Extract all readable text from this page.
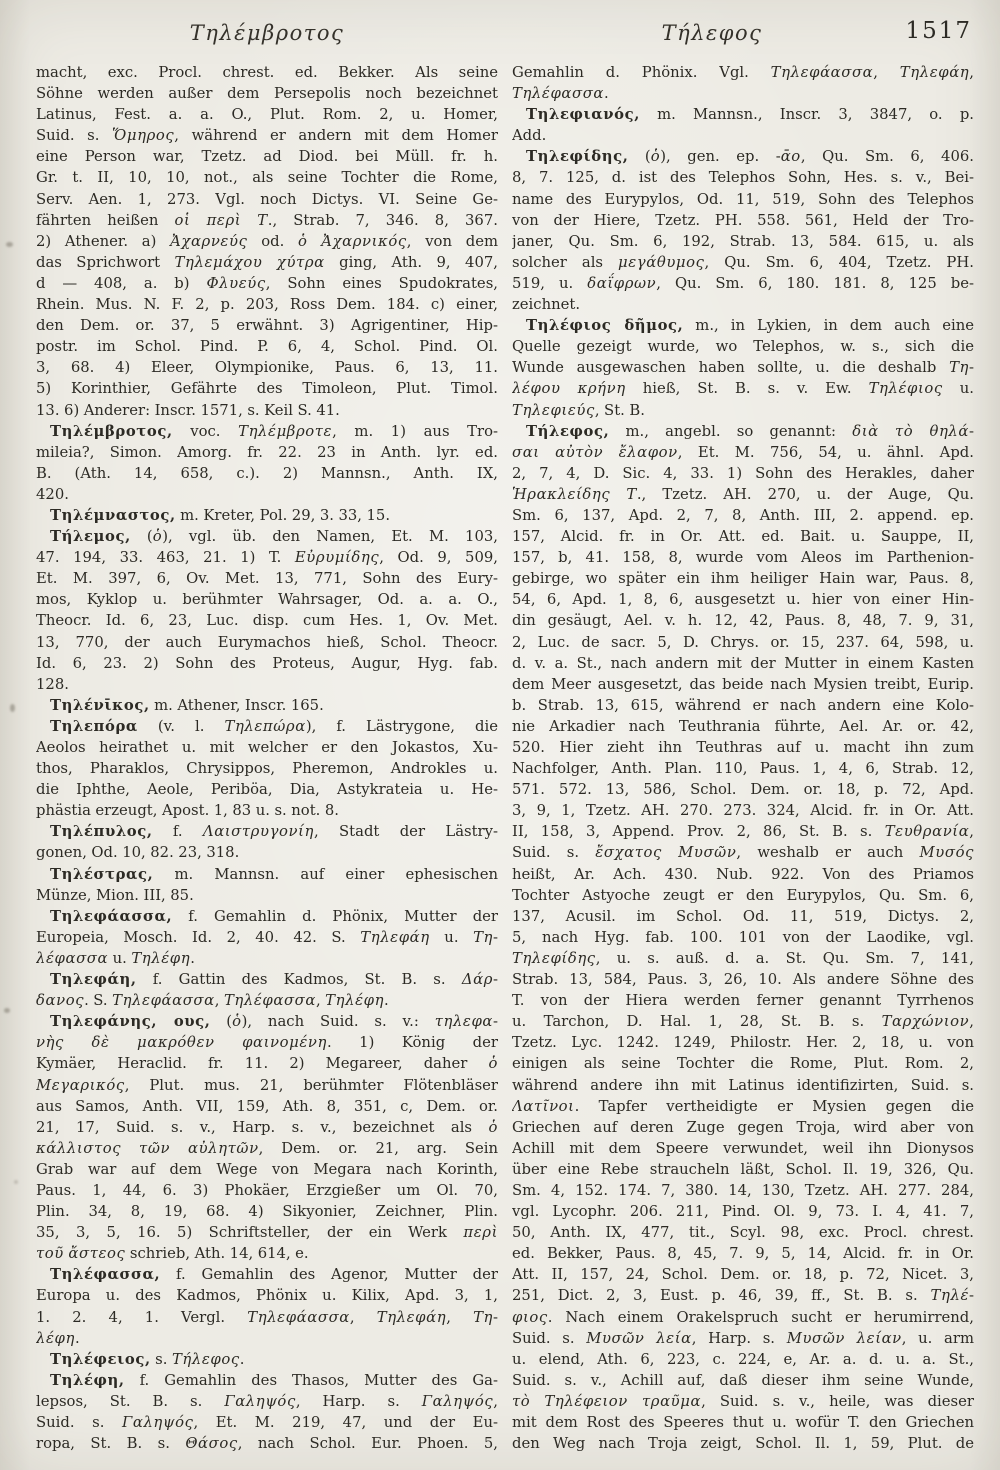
Τηλέμβροτος	Τήλεφος	1517
macht, exc. Procl. chrest. ed. Bekker. Als seine
Söhne werden außer dem Persepolis noch bezeichnet
Latinus, Fest. a. a. O., Plut. Rom. 2, u. Homer,
Suid. s. Ὅμηρος, während er andern mit dem Homer
eine Person war, Tzetz. ad Diod. bei Müll. fr. h.
Gr. t. II, 10, 10, not., als seine Tochter die Rome,
Serv. Aen. 1, 273. Vgl. noch Dictys. VI. Seine Ge-
fährten heißen οἱ περὶ Τ., Strab. 7, 346. 8, 367.
2) Athener. a) Ἀχαρνεύς od. ὁ Ἀχαρνικός, von dem
das Sprichwort Τηλεμάχου χύτρα ging, Ath. 9, 407,
d — 408, a. b) Φλυεύς, Sohn eines Spudokrates,
Rhein. Mus. N. F. 2, p. 203, Ross Dem. 184. c) einer,
den Dem. or. 37, 5 erwähnt. 3) Agrigentiner, Hip-
postr. im Schol. Pind. P. 6, 4, Schol. Pind. Ol.
3, 68. 4) Eleer, Olympionike, Paus. 6, 13, 11.
5) Korinthier, Gefährte des Timoleon, Plut. Timol.
13. 6) Anderer: Inscr. 1571, s. Keil S. 41.
Τηλέμβροτος, voc. Τηλέμβροτε, m. 1) aus Tro-
mileia?, Simon. Amorg. fr. 22. 23 in Anth. lyr. ed.
B. (Ath. 14, 658, c.). 2) Mannsn., Anth. IX,
420.
Τηλέμναστος, m. Kreter, Pol. 29, 3. 33, 15.
Τήλεμος, (ὁ), vgl. üb. den Namen, Et. M. 103,
47. 194, 33. 463, 21. 1) T. Εὐρυμίδης, Od. 9, 509,
Et. M. 397, 6, Ov. Met. 13, 771, Sohn des Eury-
mos, Kyklop u. berühmter Wahrsager, Od. a. a. O.,
Theocr. Id. 6, 23, Luc. disp. cum Hes. 1, Ov. Met.
13, 770, der auch Eurymachos hieß, Schol. Theocr.
Id. 6, 23. 2) Sohn des Proteus, Augur, Hyg. fab.
128.
Τηλένῑκος, m. Athener, Inscr. 165.
Τηλεπόρα (v. l. Τηλεπώρα), f. Lästrygone, die
Aeolos heirathet u. mit welcher er den Jokastos, Xu-
thos, Pharaklos, Chrysippos, Pheremon, Androkles u.
die Iphthe, Aeole, Periböa, Dia, Astykrateia u. He-
phästia erzeugt, Apost. 1, 83 u. s. not. 8.
Τηλέπυλος, f. Λαιστρυγονίη, Stadt der Lästry-
gonen, Od. 10, 82. 23, 318.
Τηλέστρας, m. Mannsn. auf einer ephesischen
Münze, Mion. III, 85.
Τηλεφάασσα, f. Gemahlin d. Phönix, Mutter der
Europeia, Mosch. Id. 2, 40. 42. S. Τηλεφάη u. Τη-
λέφασσα u. Τηλέφη.
Τηλεφάη, f. Gattin des Kadmos, St. B. s. Δάρ-
δανος. S. Τηλεφάασσα, Τηλέφασσα, Τηλέφη.
Τηλεφάνης, ους, (ὁ), nach Suid. s. v.: τηλεφα-
νὴς δὲ μακρόθεν φαινομένη. 1) König der
Kymäer, Heraclid. fr. 11. 2) Megareer, daher ὁ
Μεγαρικός, Plut. mus. 21, berühmter Flötenbläser
aus Samos, Anth. VII, 159, Ath. 8, 351, c, Dem. or.
21, 17, Suid. s. v., Harp. s. v., bezeichnet als ὁ
κάλλιστος τῶν αὐλητῶν, Dem. or. 21, arg. Sein
Grab war auf dem Wege von Megara nach Korinth,
Paus. 1, 44, 6. 3) Phokäer, Erzgießer um Ol. 70,
Plin. 34, 8, 19, 68. 4) Sikyonier, Zeichner, Plin.
35, 3, 5, 16. 5) Schriftsteller, der ein Werk περὶ
τοῦ ἄστεος schrieb, Ath. 14, 614, e.
Τηλέφασσα, f. Gemahlin des Agenor, Mutter der
Europa u. des Kadmos, Phönix u. Kilix, Apd. 3, 1,
1. 2. 4, 1. Vergl. Τηλεφάασσα, Τηλεφάη, Τη-
λέφη.
Τηλέφειος, s. Τήλεφος.
Τηλέφη, f. Gemahlin des Thasos, Mutter des Ga-
lepsos, St. B. s. Γαληψός, Harp. s. Γαληψός,
Suid. s. Γαληψός, Et. M. 219, 47, und der Eu-
ropa, St. B. s. Θάσος, nach Schol. Eur. Phoen. 5,
Gemahlin d. Phönix. Vgl. Τηλεφάασσα, Τηλεφάη,
Τηλέφασσα.
Τηλεφιανός, m. Mannsn., Inscr. 3, 3847, o. p.
Add.
Τηλεφίδης, (ὁ), gen. ep. -ᾱο, Qu. Sm. 6, 406.
8, 7. 125, d. ist des Telephos Sohn, Hes. s. v., Bei-
name des Eurypylos, Od. 11, 519, Sohn des Telephos
von der Hiere, Tzetz. PH. 558. 561, Held der Tro-
janer, Qu. Sm. 6, 192, Strab. 13, 584. 615, u. als
solcher als μεγάθυμος, Qu. Sm. 6, 404, Tzetz. PH.
519, u. δαΐφρων, Qu. Sm. 6, 180. 181. 8, 125 be-
zeichnet.
Τηλέφιος δῆμος, m., in Lykien, in dem auch eine
Quelle gezeigt wurde, wo Telephos, w. s., sich die
Wunde ausgewaschen haben sollte, u. die deshalb Τη-
λέφου κρήνη hieß, St. B. s. v. Ew. Τηλέφιος u.
Τηλεφιεύς, St. B.
Τήλεφος, m., angebl. so genannt: διὰ τὸ θηλά-
σαι αὐτὸν ἔλαφον, Et. M. 756, 54, u. ähnl. Apd.
2, 7, 4, D. Sic. 4, 33. 1) Sohn des Herakles, daher
Ἡρακλείδης Τ., Tzetz. AH. 270, u. der Auge, Qu.
Sm. 6, 137, Apd. 2, 7, 8, Anth. III, 2. append. ep.
157, Alcid. fr. in Or. Att. ed. Bait. u. Sauppe, II,
157, b, 41. 158, 8, wurde vom Aleos im Parthenion-
gebirge, wo später ein ihm heiliger Hain war, Paus. 8,
54, 6, Apd. 1, 8, 6, ausgesetzt u. hier von einer Hin-
din gesäugt, Ael. v. h. 12, 42, Paus. 8, 48, 7. 9, 31,
2, Luc. de sacr. 5, D. Chrys. or. 15, 237. 64, 598, u.
d. v. a. St., nach andern mit der Mutter in einem Kasten
dem Meer ausgesetzt, das beide nach Mysien treibt, Eurip.
b. Strab. 13, 615, während er nach andern eine Kolo-
nie Arkadier nach Teuthrania führte, Ael. Ar. or. 42,
520. Hier zieht ihn Teuthras auf u. macht ihn zum
Nachfolger, Anth. Plan. 110, Paus. 1, 4, 6, Strab. 12,
571. 572. 13, 586, Schol. Dem. or. 18, p. 72, Apd.
3, 9, 1, Tzetz. AH. 270. 273. 324, Alcid. fr. in Or. Att.
II, 158, 3, Append. Prov. 2, 86, St. B. s. Τευθρανία,
Suid. s. ἔσχατος Μυσῶν, weshalb er auch Μυσός
heißt, Ar. Ach. 430. Nub. 922. Von des Priamos
Tochter Astyoche zeugt er den Eurypylos, Qu. Sm. 6,
137, Acusil. im Schol. Od. 11, 519, Dictys. 2,
5, nach Hyg. fab. 100. 101 von der Laodike, vgl.
Τηλεφίδης, u. s. auß. d. a. St. Qu. Sm. 7, 141,
Strab. 13, 584, Paus. 3, 26, 10. Als andere Söhne des
T. von der Hiera werden ferner genannt Tyrrhenos
u. Tarchon, D. Hal. 1, 28, St. B. s. Ταρχώνιον,
Tzetz. Lyc. 1242. 1249, Philostr. Her. 2, 18, u. von
einigen als seine Tochter die Rome, Plut. Rom. 2,
während andere ihn mit Latinus identifizirten, Suid. s.
Λατῖνοι. Tapfer vertheidigte er Mysien gegen die
Griechen auf deren Zuge gegen Troja, wird aber von
Achill mit dem Speere verwundet, weil ihn Dionysos
über eine Rebe straucheln läßt, Schol. Il. 19, 326, Qu.
Sm. 4, 152. 174. 7, 380. 14, 130, Tzetz. AH. 277. 284,
vgl. Lycophr. 206. 211, Pind. Ol. 9, 73. I. 4, 41. 7,
50, Anth. IX, 477, tit., Scyl. 98, exc. Procl. chrest.
ed. Bekker, Paus. 8, 45, 7. 9, 5, 14, Alcid. fr. in Or.
Att. II, 157, 24, Schol. Dem. or. 18, p. 72, Nicet. 3,
251, Dict. 2, 3, Eust. p. 46, 39, ff., St. B. s. Τηλέ-
φιος. Nach einem Orakelspruch sucht er herumirrend,
Suid. s. Μυσῶν λεία, Harp. s. Μυσῶν λείαν, u. arm
u. elend, Ath. 6, 223, c. 224, e, Ar. a. d. u. a. St.,
Suid. s. v., Achill auf, daß dieser ihm seine Wunde,
τὸ Τηλέφειον τραῦμα, Suid. s. v., heile, was dieser
mit dem Rost des Speeres thut u. wofür T. den Griechen
den Weg nach Troja zeigt, Schol. Il. 1, 59, Plut. de
